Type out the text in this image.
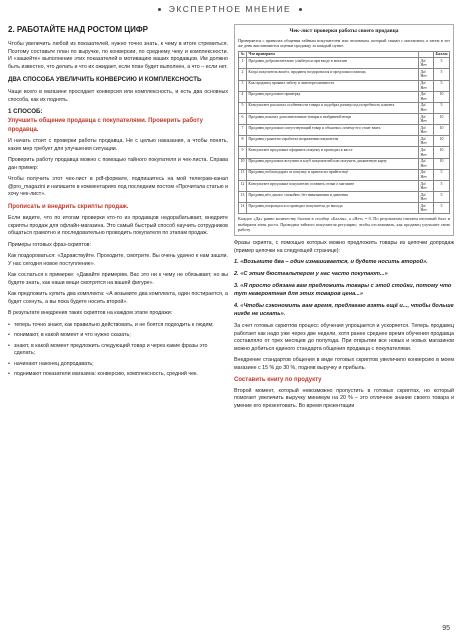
ЭКСПЕРТНОЕ МНЕНИЕ
2. РАБОТАЙТЕ НАД РОСТОМ ЦИФР

Чтобы увеличить любой из показателей, нужно точно знать, к чему в итоге стремиться. Поэтому составьте план по выручке, по конверсии, по среднему чеку и комплексности. И «зашейте» выполнение этих показателей в мотивацию ваших продавцов. Им должно быть известно, что делать и что их ожидает, если план будет выполнен, а что – если нет.

ДВА СПОСОБА УВЕЛИЧИТЬ КОНВЕРСИЮ И КОМПЛЕКСНОСТЬ

Чаще всего в магазине просядает конверсия или комплексность, и есть два основных способа, как их поднять.

1 СПОСОБ:
Улучшить общение продавца с покупателями. Проверить работу продавца.

И начать стоит с проверки работы продавца. Не с целью наказания, а чтобы понять, каких мер требует для улучшения ситуации.

Проверить работу продавца можно с помощью тайного покупателя и чек-листа. Справа дан пример:

Чтобы получить этот чек-лист в pdf-формате, подпишитесь на мой телеграм-канал @pro_magazini и напишите в комментариях под последним постом «Прочитала статью и хочу чек-лист».

Прописать и внедрить скрипты продаж.

Если видите, что по итогам проверки кто-то из продавцов недорабатывает, внедрите скрипты продаж для офлайн-магазина. Это самый быстрый способ научить сотрудников общаться грамотно и последовательно проводить покупателя по этапам продаж.

Примеры готовых фраз-скриптов:

Как поздороваться: «Здравствуйте. Проходите, смотрите. Вы очень удачно к нам зашли. У нас сегодня новое поступление».

Как сослаться к примерке: «Давайте примерим. Вас это ни к чему не обязывает, но вы будете знать, как наши вещи смотрятся на вашей фигуре».

Как предложить купить два комплекта: «А возьмите два комплекта, один постирается, а будет сохнуть, а вы пока будете носить второй».

В результате внедрения таких скриптов на каждом этапе продажи:

• теперь точно знают, как правильно действовать, и не боятся подходить к людям;
• понимают, в какой момент и что нужно сказать;
• знают, в какой момент предложить следующий товар и через какие фразы это сделать;
• начинают наконец допродавать;
• поднимают показатели магазина: конверсию, комплексность, средний чек.
Чек-лист проверки работы своего продавца
Проверяется с правилах общения тайным покупателем или человеком, который связан с магазином, а затем в тот же день выставляются оценки продавцу за каждый пункт.
№	Что проверяем		Баллы
1	Продавец доброжелательно улыбнулся при входе в магазин	Да/Нет	5
2	Когда покупатель вошёл, продавец поздоровался и предложил помощь	Да/Нет	5
3	Как продавец проявил заботу и заинтересованность	Да/Нет	5
4	Продавец предложил примерку	Да/Нет	10
5	Консультант рассказал особенности товара и подобрал размер под потребность клиента	Да/Нет	5
6	Продавец показал дополнительные товары к выбранной вещи	Да/Нет	10
7	Продавец предложил сопутствующий товар и объяснил, почему его стоит взять	Да/Нет	10
8	Продавец грамотно отработал возражения покупателя	Да/Нет	10
9	Консультант предложил оформить покупку и проводил к кассе	Да/Нет	10
10	Продавец предложил вступить в клуб покупателей или получить дисконтную карту	Да/Нет	10
11	Продавец поблагодарил за покупку и пригласил прийти ещё	Да/Нет	5
12	Консультант предложил покупателю оставить отзыв о магазине	Да/Нет	5
13	Продавец вёл диалог спокойно, без навязывания и давления	Да/Нет	5
14	Продавец попрощался и проводил покупателя до выхода	Да/Нет	5
Каждое «Да» равно количеству баллов в столбце «Баллы», а «Нет» = 0. По результатам считаем итоговый балл и выбираем зоны роста. Проводим тайного покупателя регулярно, чтобы отслеживать, как продавец улучшает свою работу.

Фразы скрипта, с помощью которых можно предложить товары из цепочки допродаж (пример цепочки на следующей странице):

1. «Возьмите два – один изнашивается, и будете носить второй».
2. «С этим бюстгальтером у нас часто покупают...»
3. «Я просто обязана вам предложить товары с этой стойки, потому что тут невероятная для этих товаров цена...»
4. «Чтобы сэкономить вам время, предлагаю взять ещё и..., чтобы больше нигде не искать».

За счет готовых скриптов процесс обучения упрощается и ускоряется. Теперь продавец работает как надо уже через две недели, хотя ранее среднее время обучения продавца составляло от трех месяцев до полугода. При открытии все новых и новых магазинов можно добиться единого стандарта общения продавца с покупателями.

Внедрение стандартов общения в виде готовых скриптов увеличило конверсию в моем магазине с 15 % до 30 %, подняв выручку и прибыль.

Составить книгу по продукту

Второй момент, который невозможно пропустить в готовых скриптах, но который помогает увеличить выручку минимум на 20 % – это отличное знание своего товара и умение его презентовать. Во время презентации

95
